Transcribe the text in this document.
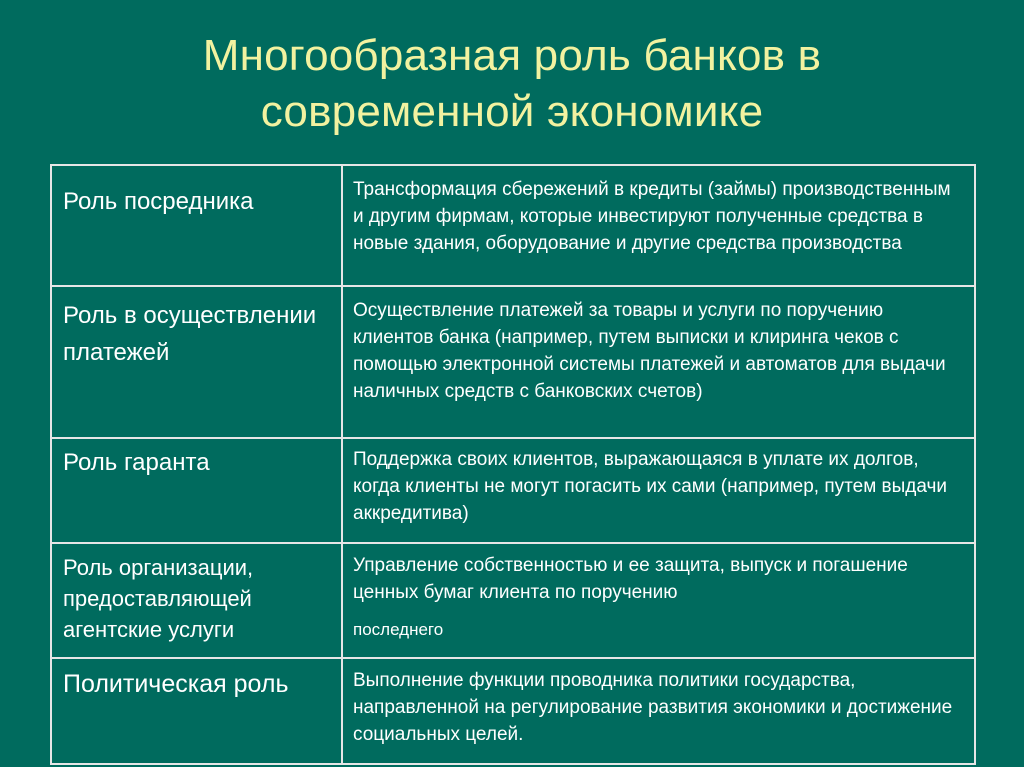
Многообразная роль банков в
современной экономике
Роль посредника	Трансформация сбережений в кредиты (займы) производственным и другим фирмам, которые инвестируют полученные средства в новые здания, оборудование и другие средства производства
Роль в осуществлении платежей	Осуществление платежей за товары и услуги по поручению клиентов банка (например, путем выписки и клиринга чеков с помощью электронной системы платежей и автоматов для выдачи наличных средств с банковских счетов)
Роль гаранта	Поддержка своих клиентов, выражающаяся в уплате их долгов, когда клиенты не могут погасить их сами (например, путем выдачи аккредитива)
Роль организации, предоставляющей агентские услуги	Управление собственностью и ее защита, выпуск и погашение ценных бумаг клиента по поручению
последнего

Политическая роль	Выполнение функции проводника политики государства, направленной на регулирование развития экономики и достижение социальных целей.
